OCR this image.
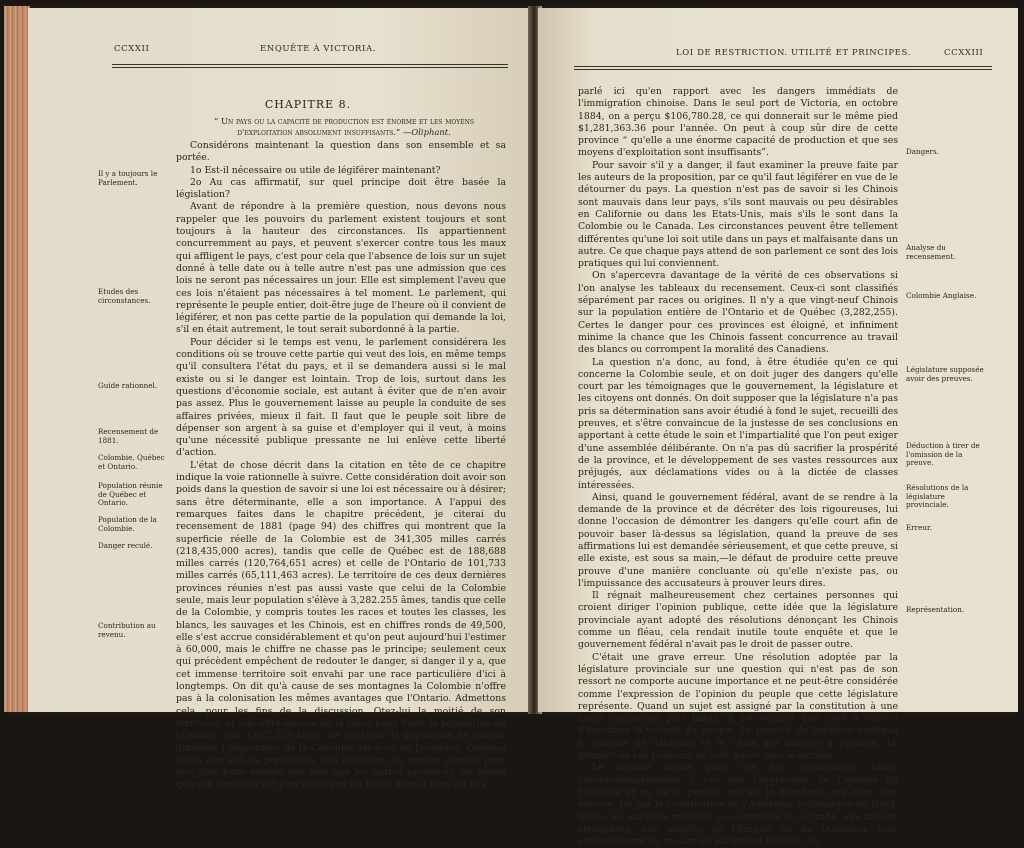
CCXXII	ENQUÊTE À VICTORIA.
CHAPITRE 8.
“ Un pays ou la capacité de production est énorme et les moyens d'exploitation absolument insuffisants.” —Oliphant.

Considérons maintenant la question dans son ensemble et sa portée.

1o Est-il nécessaire ou utile de légiférer maintenant?

2o Au cas affirmatif, sur quel principe doit être basée la législation?

Avant de répondre à la première question, nous devons nous rappeler que les pouvoirs du parlement existent toujours et sont toujours à la hauteur des circonstances. Ils appartiennent concurremment au pays, et peuvent s'exercer contre tous les maux qui affligent le pays, c'est pour cela que l'absence de lois sur un sujet donné à telle date ou à telle autre n'est pas une admission que ces lois ne seront pas nécessaires un jour. Elle est simplement l'aveu que ces lois n'étaient pas nécessaires à tel moment. Le parlement, qui représente le peuple entier, doit-être juge de l'heure où il convient de légiférer, et non pas cette partie de la population qui demande la loi, s'il en était autrement, le tout serait subordonné à la partie.

Pour décider si le temps est venu, le parlement considérera les conditions où se trouve cette partie qui veut des lois, en même temps qu'il consultera l'état du pays, et il se demandera aussi si le mal existe ou si le danger est lointain. Trop de lois, surtout dans les questions d'économie sociale, est autant à éviter que de n'en avoir pas assez. Plus le gouvernement laisse au peuple la conduite de ses affaires privées, mieux il fait. Il faut que le peuple soit libre de dépenser son argent à sa guise et d'employer qui il veut, à moins qu'une nécessité publique pressante ne lui enlève cette liberté d'action.

L'état de chose décrit dans la citation en tête de ce chapitre indique la voie rationnelle à suivre. Cette considération doit avoir son poids dans la question de savoir si une loi est nécessaire ou à désirer; sans être déterminante, elle a son importance. A l'appui des remarques faites dans le chapitre précédent, je citerai du recensement de 1881 (page 94) des chiffres qui montrent que la superficie réelle de la Colombie est de 341,305 milles carrés (218,435,000 acres), tandis que celle de Québec est de 188,688 milles carrés (120,764,651 acres) et celle de l'Ontario de 101,733 milles carrés (65,111,463 acres). Le territoire de ces deux dernières provinces réunies n'est pas aussi vaste que celui de la Colombie seule, mais leur population s'élève à 3,282.255 âmes, tandis que celle de la Colombie, y compris toutes les races et toutes les classes, les blancs, les sauvages et les Chinois, est en chiffres ronds de 49,500, elle s'est accrue considérablement et qu'on peut aujourd'hui l'estimer à 60,000, mais le chiffre ne chasse pas le principe; seulement ceux qui précèdent empêchent de redouter le danger, si danger il y a, que cet immense territoire soit envahi par une race particulière d'ici à longtemps. On dit qu'à cause de ses montagnes la Colombie n'offre pas à la colonisation les mêmes avantages que l'Ontario. Admettons cela, pour les fins de la discussion. Otez-lui la moitié de son territoire, et elle offre encore de la place pour toute la population de l'Ontario, soit 1,922,228 âmes. La question de population ne saurait diminuer l'importance de la Colombie vis-à-vis du Dominion. Quelque faible que soit sa population, elle contribue au revenu général pour une plus forte somme par tête que les autres provinces, de même que son territoire est plus vaste que les leurs, mais il n'en est pas

Il y a toujours le Parlement.
Etudes des circonstances.
Guide rationnel.
Recensement de 1881.
Colombie, Québec et Ontario.
Population réunie de Québec et Ontario.
Population de la Colombie.
Danger reculé.
Contribution au revenu.
LOI DE RESTRICTION. UTILITÉ ET PRINCIPES.	CCXXIII

parlé ici qu'en rapport avec les dangers immédiats de l'immigration chinoise. Dans le seul port de Victoria, en octobre 1884, on a perçu $106,780.28, ce qui donnerait sur le même pied $1,281,363.36 pour l'année. On peut à coup sûr dire de cette province “ qu'elle a une énorme capacité de production et que ses moyens d'exploitation sont insuffisants”.

Pour savoir s'il y a danger, il faut examiner la preuve faite par les auteurs de la proposition, par ce qu'il faut légiférer en vue de le détourner du pays. La question n'est pas de savoir si les Chinois sont mauvais dans leur pays, s'ils sont mauvais ou peu désirables en Californie ou dans les Etats-Unis, mais s'ils le sont dans la Colombie ou le Canada. Les circonstances peuvent être tellement différentes qu'une loi soit utile dans un pays et malfaisante dans un autre. Ce que chaque pays attend de son parlement ce sont des lois pratiques qui lui conviennent.

On s'apercevra davantage de la vérité de ces observations si l'on analyse les tableaux du recensement. Ceux-ci sont classifiés séparément par races ou origines. Il n'y a que vingt-neuf Chinois sur la population entière de l'Ontario et de Québec (3,282,255). Certes le danger pour ces provinces est éloigné, et infiniment minime la chance que les Chinois fassent concurrence au travail des blancs ou corrompent la moralité des Canadiens.

La question n'a donc, au fond, à être étudiée qu'en ce qui concerne la Colombie seule, et on doit juger des dangers qu'elle court par les témoignages que le gouvernement, la législature et les citoyens ont donnés. On doit supposer que la législature n'a pas pris sa détermination sans avoir étudié à fond le sujet, recueilli des preuves, et s'être convaincue de la justesse de ses conclusions en apportant à cette étude le soin et l'impartialité que l'on peut exiger d'une assemblée délibérante. On n'a pas dû sacrifier la prospérité de la province, et le développement de ses vastes ressources aux préjugés, aux déclamations vides ou à la dictée de classes intéressées.

Ainsi, quand le gouvernement fédéral, avant de se rendre à la demande de la province et de décréter des lois rigoureuses, lui donne l'occasion de démontrer les dangers qu'elle court afin de pouvoir baser là-dessus sa législation, quand la preuve de ses affirmations lui est demandée sérieusement, et que cette preuve, si elle existe, est sous sa main,—le défaut de produire cette preuve prouve d'une manière concluante où qu'elle n'existe pas, ou l'impuissance des accusateurs à prouver leurs dires.

Il régnait malheureusement chez certaines personnes qui croient diriger l'opinion publique, cette idée que la législature provinciale ayant adopté des résolutions dénonçant les Chinois comme un fléau, cela rendait inutile toute enquête et que le gouvernement fédéral n'avait pas le droit de passer outre.

C'était une grave erreur. Une résolution adoptée par la législature provinciale sur une question qui n'est pas de son ressort ne comporte aucune importance et ne peut-être considérée comme l'expression de l'opinion du peuple que cette législature représente. Quand un sujet est assigné par la constitution à une autre législature plus haute, il est évident que c'est à celle-ci d'exprimer la volonté du peuple. Le pouvoir de légiférer implique le pouvoir de délibérer et le choix des moyens à prendre. Le premier de ces pouvoirs né vaut guère sans le dernier.

Le mandat donné pour des fins particulières limite constitutionnellement à ces fins l'expression de l'opinion de l'autorité et ne lie le peuple, qui est le mandant, que dans leur mesure. De par la Constitution de l'Amérique britannique du Nord, toutes les matières relatives au commerce et au trafic, aux nations étrangères, aux intérêts de l'Empire ou du Dominion, sont exclusivement du ressort du parlement fédéral. On

Dangers.
Analyse du recensement.
Colombie Anglaise.
Législature supposée avoir des preuves.
Déduction à tirer de l'omission de la preuve.
Résolutions de la législature provinciale.
Erreur.
Représentation.
